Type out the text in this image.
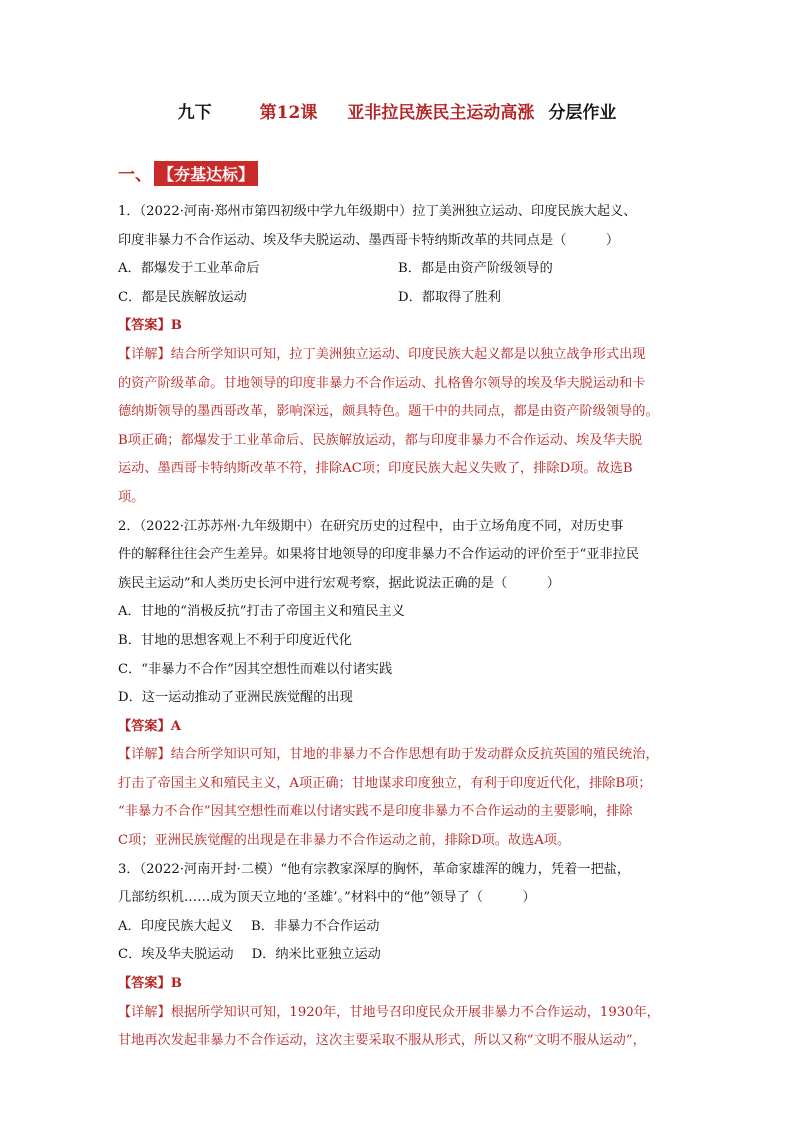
九下	第12课 亚非拉民族民主运动高涨 分层作业
一、 【夯基达标】
1．（2022·河南·郑州市第四初级中学九年级期中）拉丁美洲独立运动、印度民族大起义、
印度非暴力不合作运动、埃及华夫脱运动、墨西哥卡特纳斯改革的共同点是（　　　）
A．都爆发于工业革命后	B．都是由资产阶级领导的
C．都是民族解放运动	D．都取得了胜利
【答案】B
【详解】结合所学知识可知，拉丁美洲独立运动、印度民族大起义都是以独立战争形式出现
的资产阶级革命。甘地领导的印度非暴力不合作运动、扎格鲁尔领导的埃及华夫脱运动和卡
德纳斯领导的墨西哥改革，影响深远，颇具特色。题干中的共同点，都是由资产阶级领导的。
B项正确；都爆发于工业革命后、民族解放运动，都与印度非暴力不合作运动、埃及华夫脱
运动、墨西哥卡特纳斯改革不符，排除AC项；印度民族大起义失败了，排除D项。故选B
项。
2．（2022·江苏苏州·九年级期中）在研究历史的过程中，由于立场角度不同，对历史事
件的解释往往会产生差异。如果将甘地领导的印度非暴力不合作运动的评价至于“亚非拉民
族民主运动”和人类历史长河中进行宏观考察，据此说法正确的是（　　　）
A．甘地的“消极反抗”打击了帝国主义和殖民主义
B．甘地的思想客观上不利于印度近代化
C．“非暴力不合作”因其空想性而难以付诸实践
D．这一运动推动了亚洲民族觉醒的出现
【答案】A
【详解】结合所学知识可知，甘地的非暴力不合作思想有助于发动群众反抗英国的殖民统治，
打击了帝国主义和殖民主义，A项正确；甘地谋求印度独立，有利于印度近代化，排除B项；
“非暴力不合作”因其空想性而难以付诸实践不是印度非暴力不合作运动的主要影响，排除
C项；亚洲民族觉醒的出现是在非暴力不合作运动之前，排除D项。故选A项。
3．（2022·河南开封·二模）“他有宗教家深厚的胸怀，革命家雄浑的魄力，凭着一把盐，
几部纺织机……成为顶天立地的‘圣雄’。”材料中的“他”领导了（　　　）
A．印度民族大起义 B．非暴力不合作运动
C．埃及华夫脱运动 D．纳米比亚独立运动
【答案】B
【详解】根据所学知识可知，1920年，甘地号召印度民众开展非暴力不合作运动，1930年，
甘地再次发起非暴力不合作运动，这次主要采取不服从形式，所以又称“文明不服从运动”，
